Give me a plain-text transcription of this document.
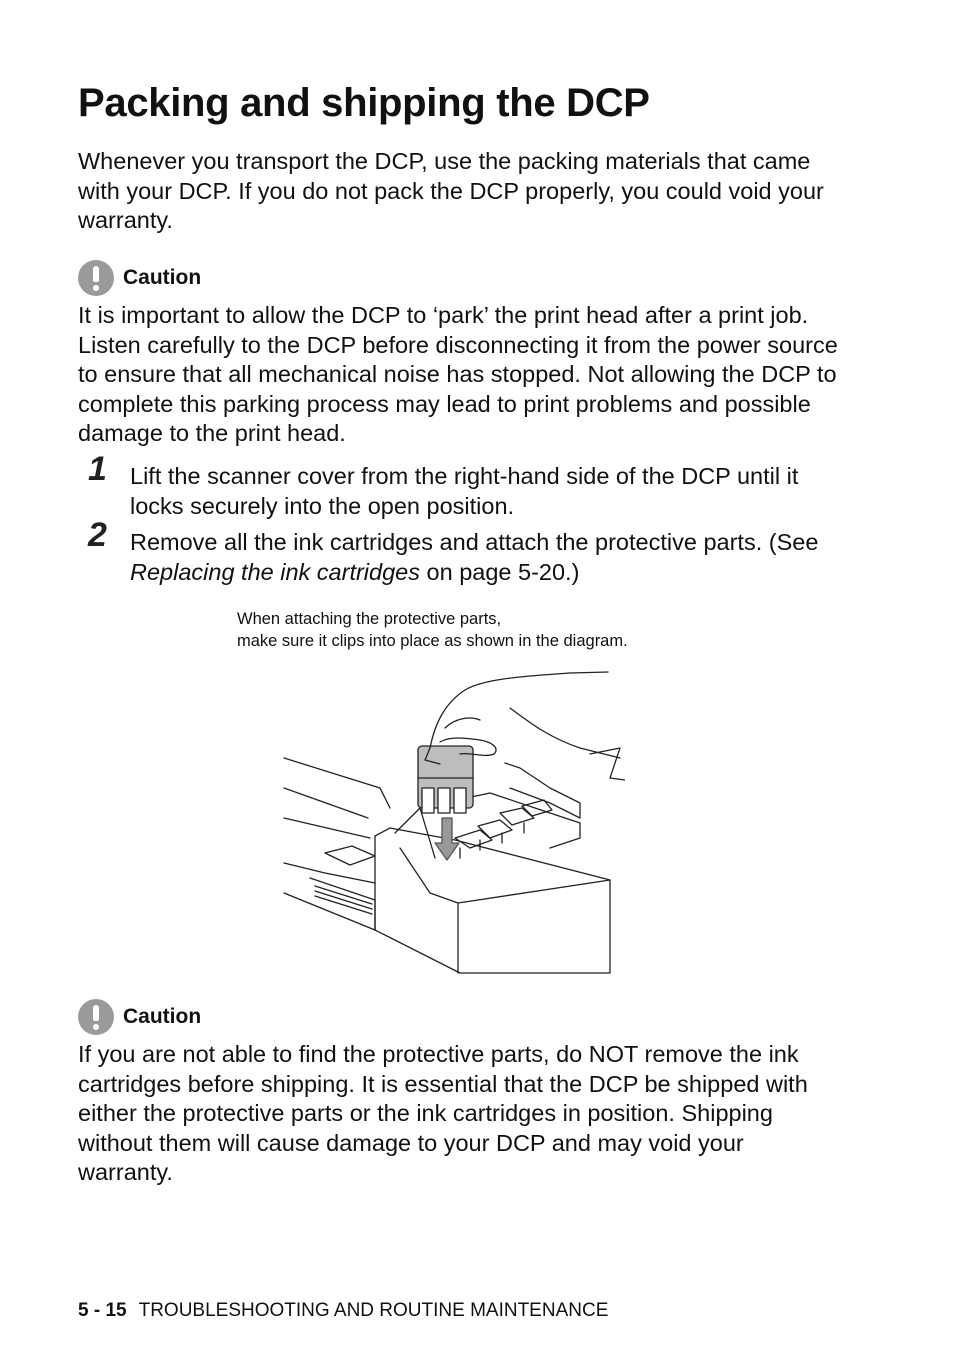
Packing and shipping the DCP

Whenever you transport the DCP, use the packing materials that came with your DCP. If you do not pack the DCP properly, you could void your warranty.

Caution

It is important to allow the DCP to ‘park’ the print head after a print job. Listen carefully to the DCP before disconnecting it from the power source to ensure that all mechanical noise has stopped. Not allowing the DCP to complete this parking process may lead to print problems and possible damage to the print head.

1 Lift the scanner cover from the right-hand side of the DCP until it locks securely into the open position.

2 Remove all the ink cartridges and attach the protective parts. (See Replacing the ink cartridges on page 5-20.)

When attaching the protective parts,
make sure it clips into place as shown in the diagram.

Caution

If you are not able to find the protective parts, do NOT remove the ink cartridges before shipping. It is essential that the DCP be shipped with either the protective parts or the ink cartridges in position. Shipping without them will cause damage to your DCP and may void your warranty.

5 - 15 TROUBLESHOOTING AND ROUTINE MAINTENANCE
